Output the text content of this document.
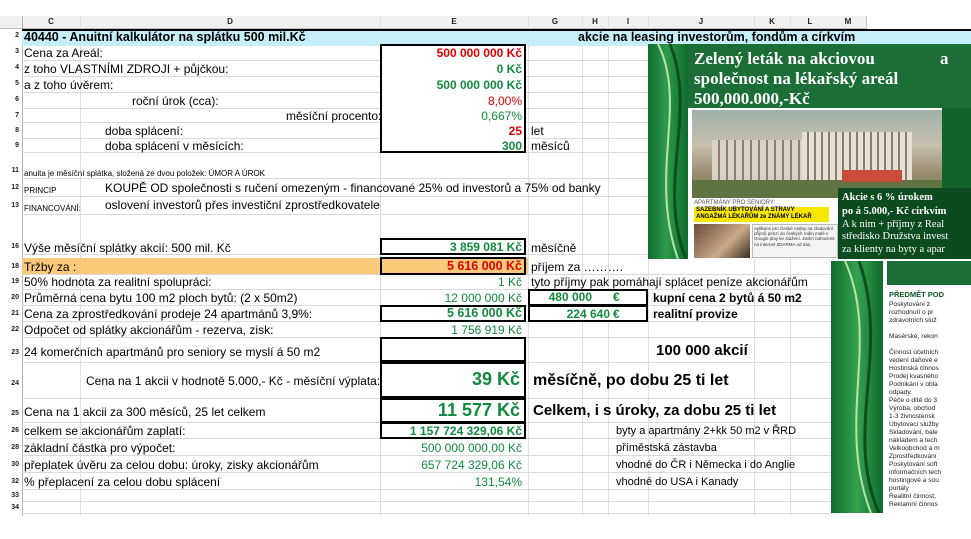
C	D	E	G	H	I	J	K	L	M
2
3
4
5
6
7
8
9
11
12
13
16
18
19
20
21
22
23
24
25
26
28
30
32
33
34
40440 - Anuitní kalkulátor na splátku 500 mil.Kč	akcie na leasing investorům, fondům a církvím
Cena za Areál:	500 000 000 Kč
z toho VLASTNÍMI ZDROJI + půjčkou:	0 Kč
a z toho úvěrem:	500 000 000 Kč
roční úrok (cca):	8,00%
měsíční procento:	0,667%
doba splácení:	25 let
doba splácení v měsících:	300 měsíců
anuita je měsíční splátka, složená ze dvou položek: ÚMOR A ÚROK
PRINCIP	KOUPĚ OD společnosti s ručení omezeným - financované 25% od investorů a 75% od banky
FINANCOVÁNÍ: oslovení investorů přes investiční zprostředkovatele
Výše měsíční splátky akcií: 500 mil. Kč	3 859 081 Kč měsíčně
Tržby za :	5 616 000 Kč příjem za ……….
50% hodnota za realitní spolupráci:	1 Kč tyto příjmy pak pomáhají splácet peníze akcionářům
Průměrná cena bytu 100 m2 ploch bytů: (2 x 50m2)	12 000 000 Kč	480 000 €	kupní cena 2 bytů á 50 m2
Cena za zprostředkování prodeje 24 apartmánů 3,9%:	5 616 000 Kč	224 640 €	realitní provize
Odpočet od splátky akcionářům - rezerva, zisk:	1 756 919 Kč
24 komerčních apartmánů pro seniory se myslí á 50 m2	100 000 akcií
Cena na 1 akcii v hodnotě 5.000,- Kč - měsíční výplata:	39 Kč měsíčně, po dobu 25 ti let
Cena na 1 akcii za 300 měsíců, 25 let celkem	11 577 Kč Celkem, i s úroky, za dobu 25 ti let
celkem se akcionářům zaplatí:	1 157 724 329,06 Kč	byty a apartmány 2+kk 50 m2 v ŘRD
základní částka pro výpočet:	500 000 000,00 Kč	příměstská zástavba
přeplatek úvěru za celou dobu: úroky, zisky akcionářům	657 724 329,06 Kč	vhodné do ČR i Německa i do Anglie
% přeplacení za celou dobu splácení	131,54%	vhodné do USA i Kanady
Zelený leták na akciovou	a
společnost na lékařský areál
500,000.000,-Kč
APARTMÁNY PRO SENIORY:
SAZEBNÍK UBYTOVÁNÍ A STRAVY
ANGAŽMÁ LÉKAŘŮM ze ZNÁMÝ LÉKAŘ
Aplikace pro České rodiny na zlodování příjmů penzí do českých rodin malé v Google play ke stažení. Zatím nahozené na internet ZDARMA od nás.
Akcie s 6 % úrokem
po á 5.000,- Kč církvím
A k nim + příjmy z Real
středisko Družstva invest
za klienty na byty a apar
PŘEDMĚT POD
Poskytování z
rozhodnutí o pr
zdravotních služ
Masérské, rekon
Činnost účetních
vedení daňové e
Hostinská činnos
Prodej kvasného
Podnikání v obla
odpady.
Péče o dítě do 3
Výroba, obchod
1-3 živnostensk
Ubytovací služby
Skladování, bale
nákladem a tech
Velkoobchod a m
Zprostředkování
Poskytování soft
informačních tech
hostingové a sou
portály
Realitní činnost,
Reklamní činnos
